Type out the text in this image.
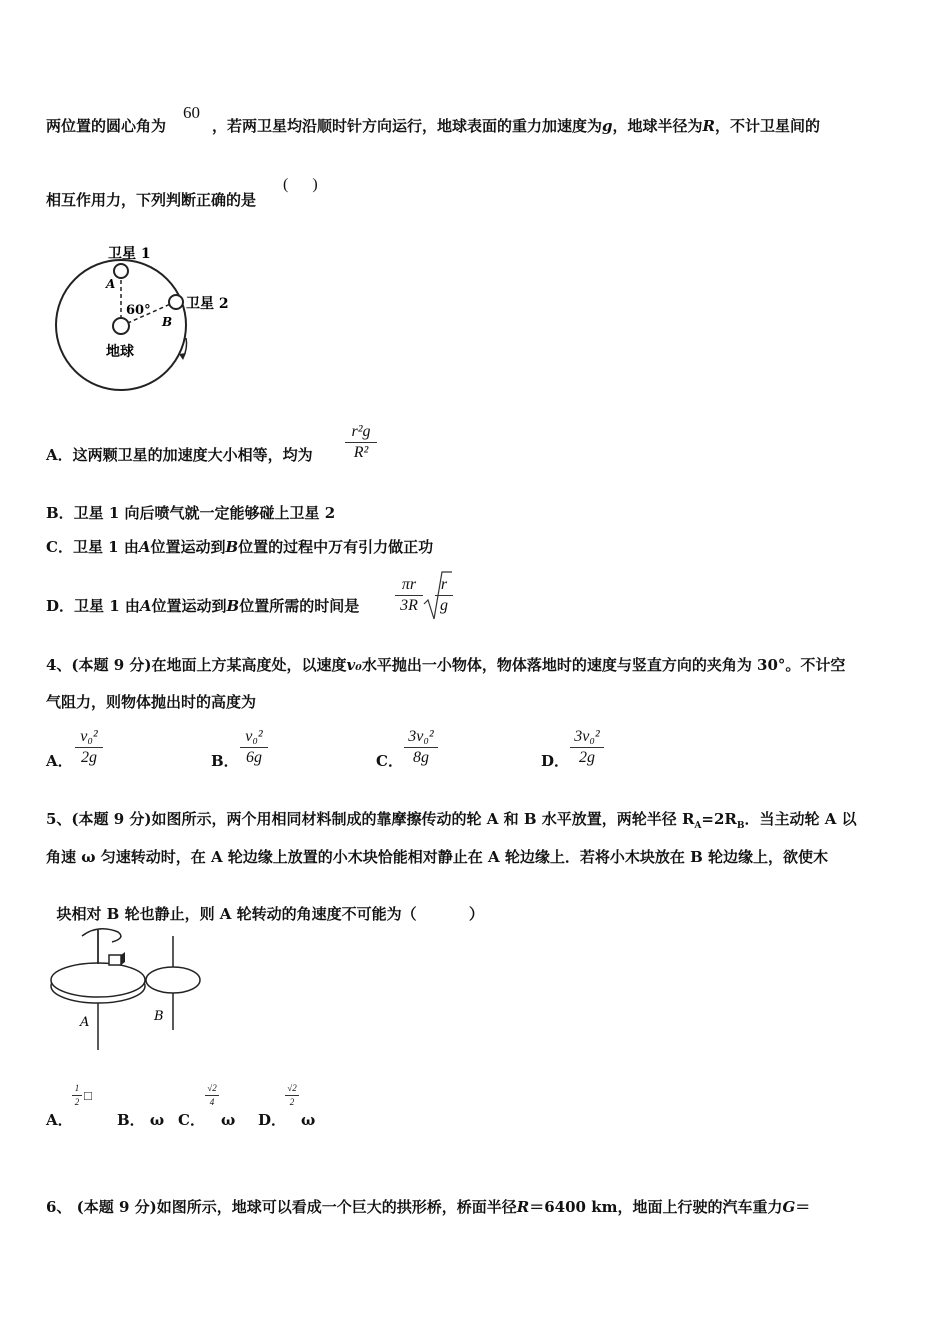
两位置的圆心角为	，若两卫星均沿顺时针方向运行，地球表面的重力加速度为g，地球半径为R，不计卫星间的
60
相互作用力，下列判断正确的是
(      )
卫星 1
卫星 2
A
B
60°
地球
A．这两颗卫星的加速度大小相等，均为
r²g
R²
B．卫星 1 向后喷气就一定能够碰上卫星 2
C．卫星 1 由A位置运动到B位置的过程中万有引力做正功
D．卫星 1 由A位置运动到B位置所需的时间是
πr
3R
r
g
4、(本题 9 分)在地面上方某高度处，以速度v₀水平抛出一小物体，物体落地时的速度与竖直方向的夹角为 30°。不计空
气阻力，则物体抛出时的高度为
A．
v₀²
2g	B．
v₀²
6g	C．
3v₀²
8g	D．
3v₀²
2g
5、(本题 9 分)如图所示，两个用相同材料制成的靠摩擦传动的轮 A 和 B 水平放置，两轮半径 $R_A=2R_B$．当主动轮 A 以
角速 ω 匀速转动时，在 A 轮边缘上放置的小木块恰能相对静止在 A 轮边缘上．若将小木块放在 B 轮边缘上，欲使木

块相对 B 轮也静止，则 A 轮转动的角速度不可能为（          ）

A	B
A．
1
2 □
B． ω C．
√2
4
ω D．
√2
2
ω
6、 (本题 9 分)如图所示，地球可以看成一个巨大的拱形桥，桥面半径R＝6400 km，地面上行驶的汽车重力G＝
